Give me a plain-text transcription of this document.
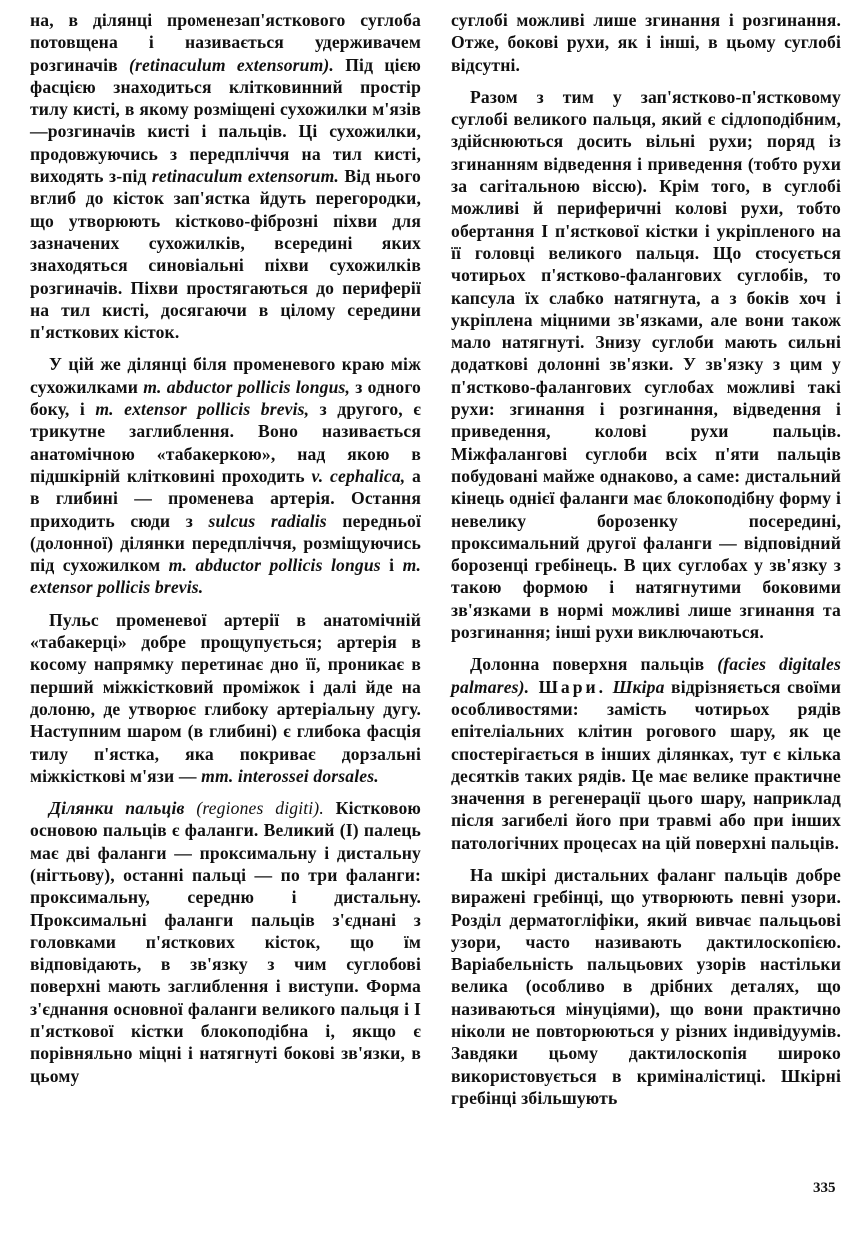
на, в ділянці променезап'ясткового суглоба потовщена і називається удерживачем розгиначів (retinaculum extensorum). Під цією фасцією знаходиться клітковинний простір тилу кисті, в якому розміщені сухожилки м'язів—розгиначів кисті і пальців. Ці сухожилки, продовжуючись з передпліччя на тил кисті, виходять з-під retinaculum extensorum. Від нього вглиб до кісток зап'ястка йдуть перегородки, що утворюють кістково-фіброзні піхви для зазначених сухожилків, всередині яких знаходяться синовіальні піхви сухожилків розгиначів. Піхви простягаються до периферії на тил кисті, досягаючи в цілому середини п'ясткових кісток.

У цій же ділянці біля променевого краю між сухожилками m. abductor pollicis longus, з одного боку, і m. extensor pollicis brevis, з другого, є трикутне заглиблення. Воно називається анатомічною «табакеркою», над якою в підшкірній клітковині проходить v. cephalica, а в глибині — променева артерія. Остання приходить сюди з sulcus radialis передньої (долонної) ділянки передпліччя, розміщуючись під сухожилком m. abductor pollicis longus і m. extensor pollicis brevis.

Пульс променевої артерії в анатомічній «табакерці» добре прощупується; артерія в косому напрямку перетинає дно її, проникає в перший міжкістковий проміжок і далі йде на долоню, де утворює глибоку артеріальну дугу. Наступним шаром (в глибині) є глибока фасція тилу п'ястка, яка покриває дорзальні міжкісткові м'язи — mm. interossei dorsales.

Ділянки пальців (regiones digiti). Кістковою основою пальців є фаланги. Великий (I) палець має дві фаланги — проксимальну і дистальну (нігтьову), останні пальці — по три фаланги: проксимальну, середню і дистальну. Проксимальні фаланги пальців з'єднані з головками п'ясткових кісток, що їм відповідають, в зв'язку з чим суглобові поверхні мають заглиблення і виступи. Форма з'єднання основної фаланги великого пальця і I п'ясткової кістки блокоподібна і, якщо є порівняльно міцні і натягнуті бокові зв'язки, в цьому

суглобі можливі лише згинання і розгинання. Отже, бокові рухи, як і інші, в цьому суглобі відсутні.

Разом з тим у зап'ястково-п'ястковому суглобі великого пальця, який є сідлоподібним, здійснюються досить вільні рухи; поряд із згинанням відведення і приведення (тобто рухи за сагітальною віссю). Крім того, в суглобі можливі й периферичні колові рухи, тобто обертання I п'ясткової кістки і укріпленого на її головці великого пальця. Що стосується чотирьох п'ястково-фалангових суглобів, то капсула їх слабко натягнута, а з боків хоч і укріплена міцними зв'язками, але вони також мало натягнуті. Знизу суглоби мають сильні додаткові долонні зв'язки. У зв'язку з цим у п'ястково-фалангових суглобах можливі такі рухи: згинання і розгинання, відведення і приведення, колові рухи пальців. Міжфалангові суглоби всіх п'яти пальців побудовані майже однаково, а саме: дистальний кінець однієї фаланги має блокоподібну форму і невелику борозенку посередині, проксимальний другої фаланги — відповідний борозенці гребінець. В цих суглобах у зв'язку з такою формою і натягнутими боковими зв'язками в нормі можливі лише згинання та розгинання; інші рухи виключаються.

Долонна поверхня пальців (facies digitales palmares). Шари. Шкіра відрізняється своїми особливостями: замість чотирьох рядів епітеліальних клітин рогового шару, як це спостерігається в інших ділянках, тут є кілька десятків таких рядів. Це має велике практичне значення в регенерації цього шару, наприклад після загибелі його при травмі або при інших патологічних процесах на цій поверхні пальців.

На шкірі дистальних фаланг пальців добре виражені гребінці, що утворюють певні узори. Розділ дерматогліфіки, який вивчає пальцьові узори, часто називають дактилоскопією. Варіабельність пальцьових узорів настільки велика (особливо в дрібних деталях, що називаються мінуціями), що вони практично ніколи не повторюються у різних індивідуумів. Завдяки цьому дактилоскопія широко використовується в криміналістиці. Шкірні гребінці збільшують

335
